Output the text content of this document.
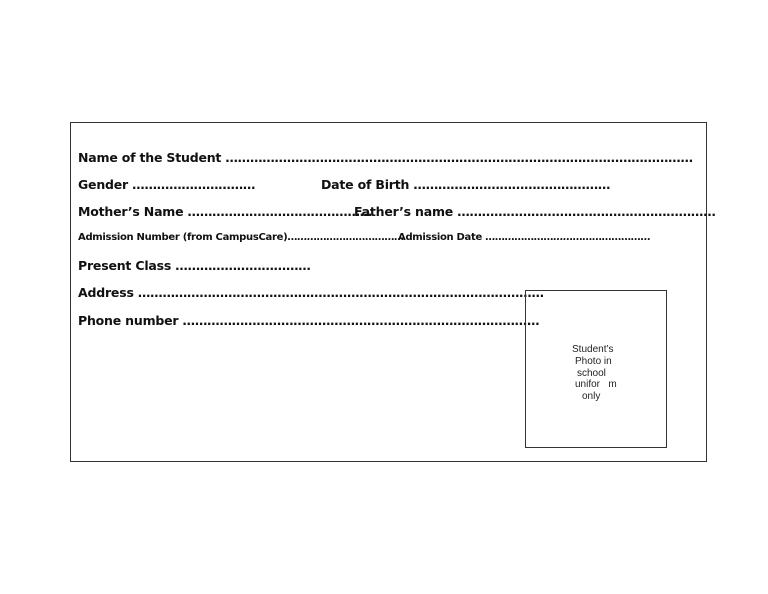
Name of the Student ……………………………………………………………………………………………………
Gender …………………………	Date of Birth …………………………………………
Mother’s Name ………………………………………
Father’s name ………………………………………………………
Admission Number (from CampusCare)………………………………
Admission Date ……………………………………………
Present Class ……………………………
Address ………………………………………………………………………………………
Phone number ……………………………………………………………………………
Student’s
Photo in
school
unifor   m
only
